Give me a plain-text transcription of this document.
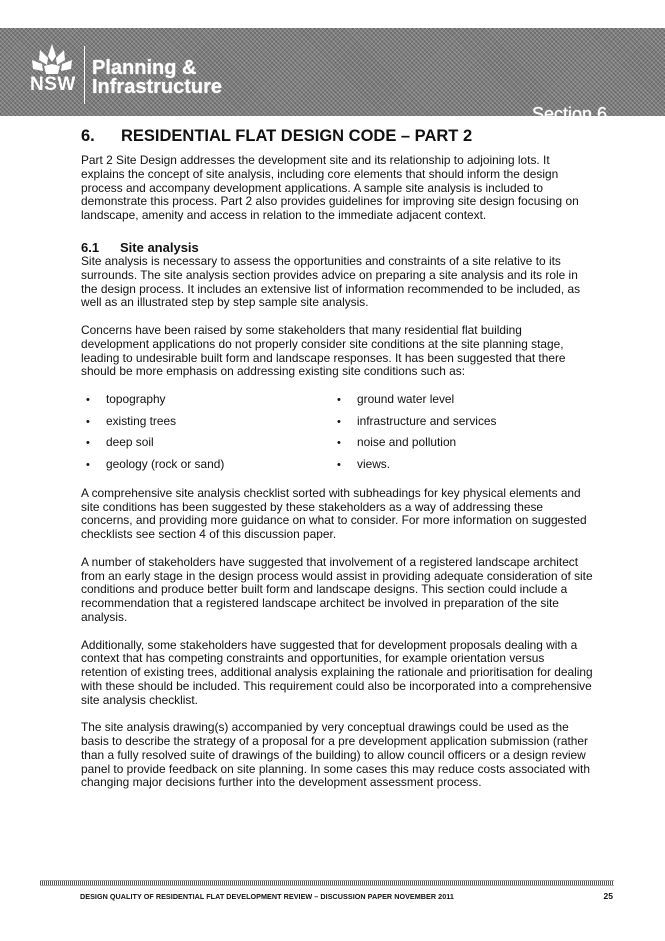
NSW
Planning &
Infrastructure
Section 6
6.	RESIDENTIAL FLAT DESIGN CODE – PART 2

Part 2 Site Design addresses the development site and its relationship to adjoining lots. It explains the concept of site analysis, including core elements that should inform the design process and accompany development applications. A sample site analysis is included to demonstrate this process. Part 2 also provides guidelines for improving site design focusing on landscape, amenity and access in relation to the immediate adjacent context.

6.1	Site analysis

Site analysis is necessary to assess the opportunities and constraints of a site relative to its surrounds. The site analysis section provides advice on preparing a site analysis and its role in the design process. It includes an extensive list of information recommended to be included, as well as an illustrated step by step sample site analysis.

Concerns have been raised by some stakeholders that many residential flat building development applications do not properly consider site conditions at the site planning stage, leading to undesirable built form and landscape responses. It has been suggested that there should be more emphasis on addressing existing site conditions such as:

•	topography	•	ground water level
•	existing trees	•	infrastructure and services
•	deep soil	•	noise and pollution
•	geology (rock or sand)	•	views.

A comprehensive site analysis checklist sorted with subheadings for key physical elements and site conditions has been suggested by these stakeholders as a way of addressing these concerns, and providing more guidance on what to consider. For more information on suggested checklists see section 4 of this discussion paper.

A number of stakeholders have suggested that involvement of a registered landscape architect from an early stage in the design process would assist in providing adequate consideration of site conditions and produce better built form and landscape designs. This section could include a recommendation that a registered landscape architect be involved in preparation of the site analysis.

Additionally, some stakeholders have suggested that for development proposals dealing with a context that has competing constraints and opportunities, for example orientation versus retention of existing trees, additional analysis explaining the rationale and prioritisation for dealing with these should be included. This requirement could also be incorporated into a comprehensive site analysis checklist.

The site analysis drawing(s) accompanied by very conceptual drawings could be used as the basis to describe the strategy of a proposal for a pre development application submission (rather than a fully resolved suite of drawings of the building) to allow council officers or a design review panel to provide feedback on site planning. In some cases this may reduce costs associated with changing major decisions further into the development assessment process.

DESIGN QUALITY OF RESIDENTIAL FLAT DEVELOPMENT REVIEW – DISCUSSION PAPER NOVEMBER 2011	25
